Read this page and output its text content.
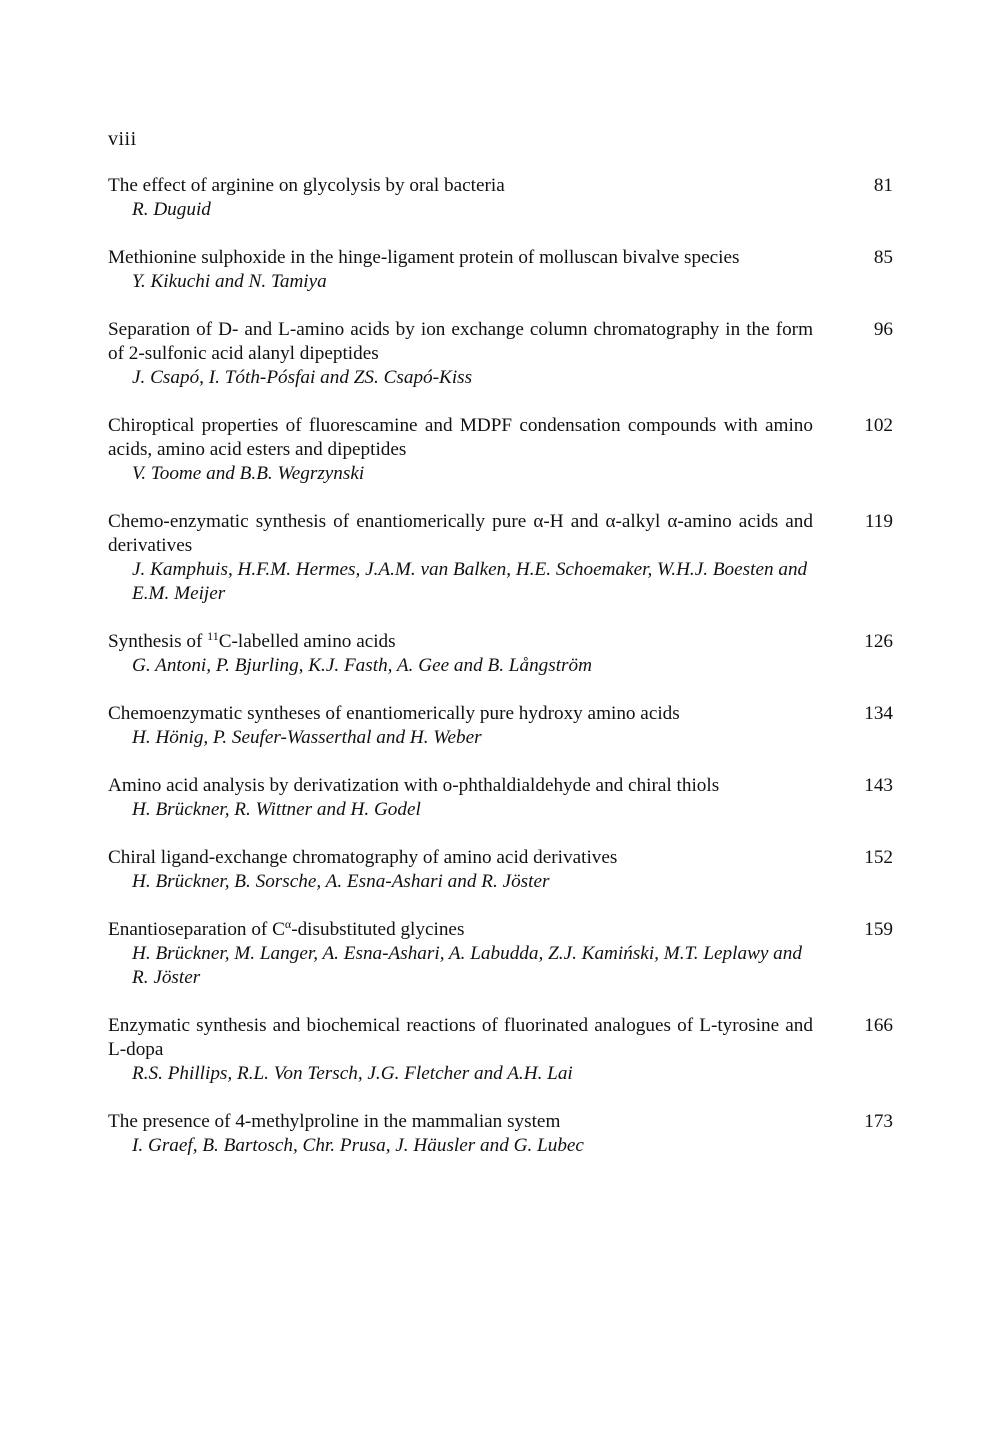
viii
The effect of arginine on glycolysis by oral bacteria
R. Duguid
81
Methionine sulphoxide in the hinge-ligament protein of molluscan bivalve species
Y. Kikuchi and N. Tamiya
85
Separation of D- and L-amino acids by ion exchange column chromatography in the form of 2-sulfonic acid alanyl dipeptides
J. Csapó, I. Tóth-Pósfai and ZS. Csapó-Kiss
96
Chiroptical properties of fluorescamine and MDPF condensation compounds with amino acids, amino acid esters and dipeptides
V. Toome and B.B. Wegrzynski
102
Chemo-enzymatic synthesis of enantiomerically pure α-H and α-alkyl α-amino acids and derivatives
J. Kamphuis, H.F.M. Hermes, J.A.M. van Balken, H.E. Schoemaker, W.H.J. Boesten and E.M. Meijer
119
Synthesis of $^{11}$C-labelled amino acids
G. Antoni, P. Bjurling, K.J. Fasth, A. Gee and B. Långström
126
Chemoenzymatic syntheses of enantiomerically pure hydroxy amino acids
H. Hönig, P. Seufer-Wasserthal and H. Weber
134
Amino acid analysis by derivatization with o-phthaldialdehyde and chiral thiols
H. Brückner, R. Wittner and H. Godel
143
Chiral ligand-exchange chromatography of amino acid derivatives
H. Brückner, B. Sorsche, A. Esna-Ashari and R. Jöster
152
Enantioseparation of $C^\alpha$-disubstituted glycines
H. Brückner, M. Langer, A. Esna-Ashari, A. Labudda, Z.J. Kamiński, M.T. Leplawy and R. Jöster
159
Enzymatic synthesis and biochemical reactions of fluorinated analogues of L-tyrosine and L-dopa
R.S. Phillips, R.L. Von Tersch, J.G. Fletcher and A.H. Lai
166
The presence of 4-methylproline in the mammalian system
I. Graef, B. Bartosch, Chr. Prusa, J. Häusler and G. Lubec
173
